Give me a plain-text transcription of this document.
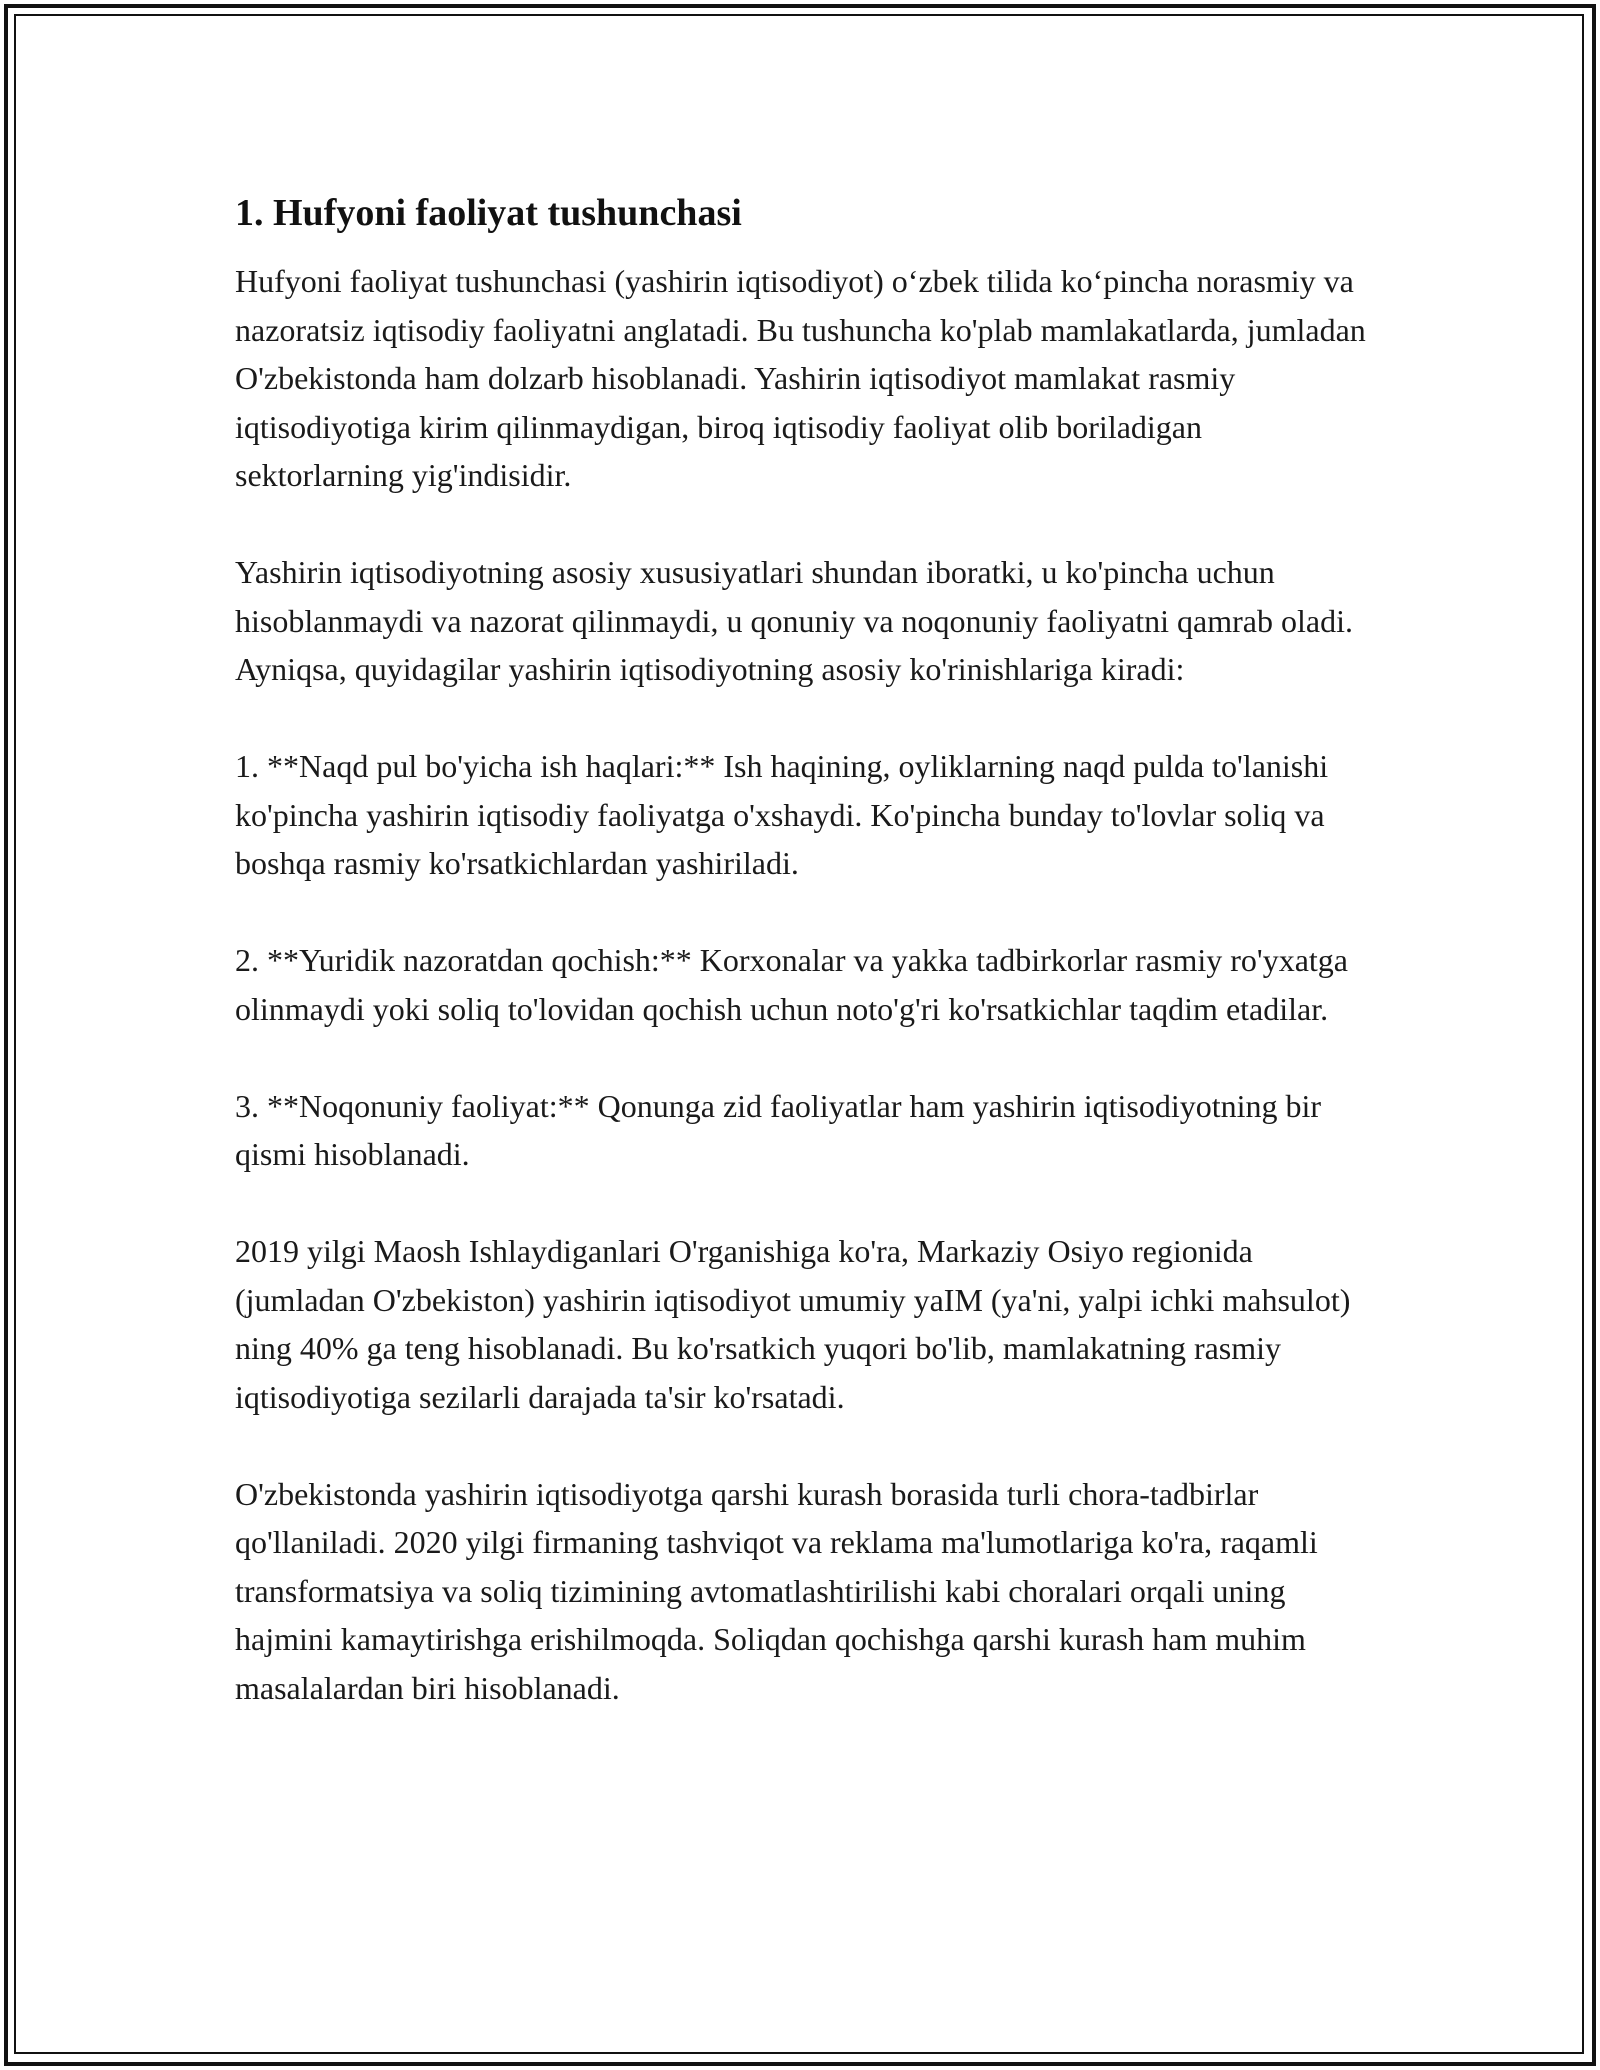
1. Hufyoni faoliyat tushunchasi

Hufyoni faoliyat tushunchasi (yashirin iqtisodiyot) o‘zbek tilida ko‘pincha norasmiy va nazoratsiz iqtisodiy faoliyatni anglatadi. Bu tushuncha ko'plab mamlakatlarda, jumladan O'zbekistonda ham dolzarb hisoblanadi. Yashirin iqtisodiyot mamlakat rasmiy iqtisodiyotiga kirim qilinmaydigan, biroq iqtisodiy faoliyat olib boriladigan sektorlarning yig'indisidir.

Yashirin iqtisodiyotning asosiy xususiyatlari shundan iboratki, u ko'pincha uchun hisoblanmaydi va nazorat qilinmaydi, u qonuniy va noqonuniy faoliyatni qamrab oladi. Ayniqsa, quyidagilar yashirin iqtisodiyotning asosiy ko'rinishlariga kiradi:

1. **Naqd pul bo'yicha ish haqlari:** Ish haqining, oyliklarning naqd pulda to'lanishi ko'pincha yashirin iqtisodiy faoliyatga o'xshaydi. Ko'pincha bunday to'lovlar soliq va boshqa rasmiy ko'rsatkichlardan yashiriladi.

2. **Yuridik nazoratdan qochish:** Korxonalar va yakka tadbirkorlar rasmiy ro'yxatga olinmaydi yoki soliq to'lovidan qochish uchun noto'g'ri ko'rsatkichlar taqdim etadilar.

3. **Noqonuniy faoliyat:** Qonunga zid faoliyatlar ham yashirin iqtisodiyotning bir qismi hisoblanadi.

2019 yilgi Maosh Ishlaydiganlari O'rganishiga ko'ra, Markaziy Osiyo regionida (jumladan O'zbekiston) yashirin iqtisodiyot umumiy yaIM (ya'ni, yalpi ichki mahsulot) ning 40% ga teng hisoblanadi. Bu ko'rsatkich yuqori bo'lib, mamlakatning rasmiy iqtisodiyotiga sezilarli darajada ta'sir ko'rsatadi.

O'zbekistonda yashirin iqtisodiyotga qarshi kurash borasida turli chora-tadbirlar qo'llaniladi. 2020 yilgi firmaning tashviqot va reklama ma'lumotlariga ko'ra, raqamli transformatsiya va soliq tizimining avtomatlashtirilishi kabi choralari orqali uning hajmini kamaytirishga erishilmoqda. Soliqdan qochishga qarshi kurash ham muhim masalalardan biri hisoblanadi.
